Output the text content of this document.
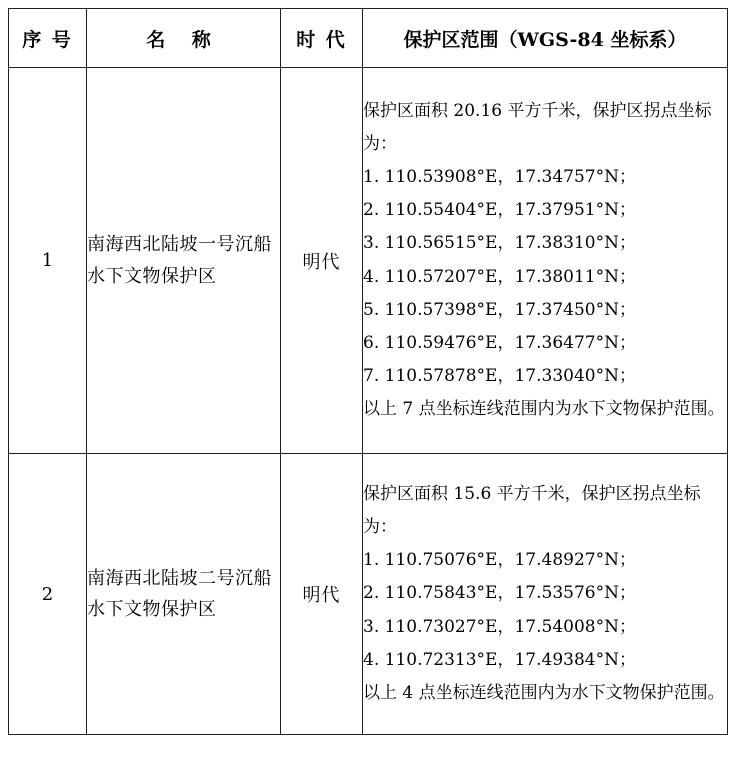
序 号	名 称	时 代	保护区范围（WGS-84 坐标系）
1	南海西北陆坡一号沉船水下文物保护区	明代	
保护区面积 20.16 平方千米，保护区拐点坐标为：
1. 110.53908°E，17.34757°N；
2. 110.55404°E，17.37951°N；
3. 110.56515°E，17.38310°N；
4. 110.57207°E，17.38011°N；
5. 110.57398°E，17.37450°N；
6. 110.59476°E，17.36477°N；
7. 110.57878°E，17.33040°N；
以上 7 点坐标连线范围内为水下文物保护范围。

2	南海西北陆坡二号沉船水下文物保护区	明代	
保护区面积 15.6 平方千米，保护区拐点坐标为：
1. 110.75076°E，17.48927°N；
2. 110.75843°E，17.53576°N；
3. 110.73027°E，17.54008°N；
4. 110.72313°E，17.49384°N；
以上 4 点坐标连线范围内为水下文物保护范围。
